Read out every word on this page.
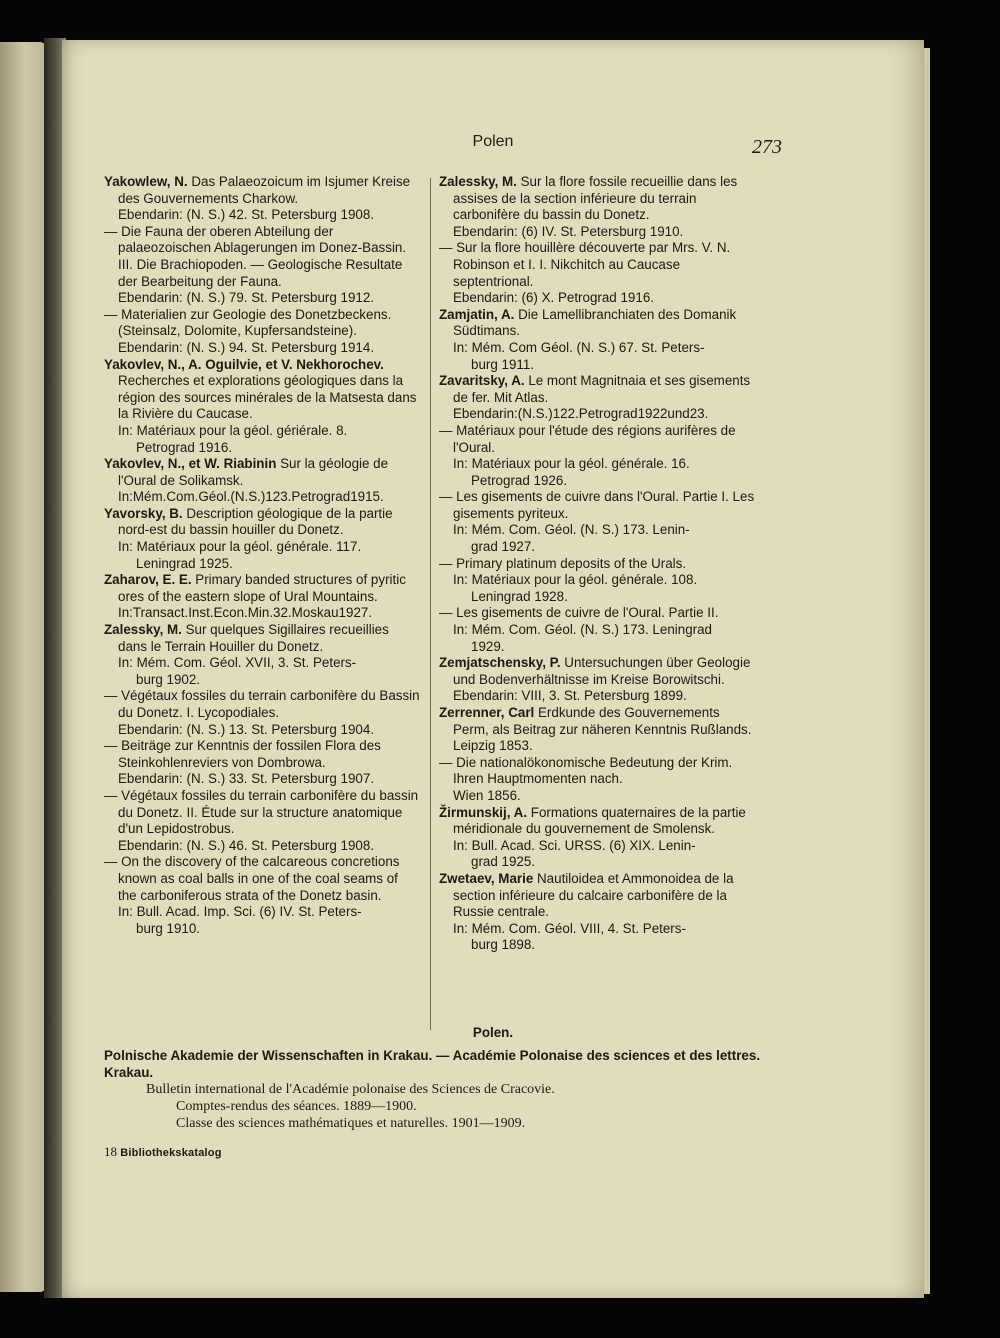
Polen	273
Yakowlew, N. Das Palaeozoicum im Isjumer Kreise des Gouvernements Charkow.
Ebendarin: (N. S.) 42. St. Petersburg 1908.
— Die Fauna der oberen Abteilung der palaeozoischen Ablagerungen im Donez-Bassin. III. Die Brachiopoden. — Geologische Resultate der Bearbeitung der Fauna.
Ebendarin: (N. S.) 79. St. Petersburg 1912.
— Materialien zur Geologie des Donetzbeckens. (Steinsalz, Dolomite, Kupfersandsteine).
Ebendarin: (N. S.) 94. St. Petersburg 1914.
Yakovlev, N., A. Oguilvie, et V. Nekhorochev. Recherches et explorations géologiques dans la région des sources minérales de la Matsesta dans la Rivière du Caucase.
In: Matériaux pour la géol. gériérale. 8.
Petrograd 1916.
Yakovlev, N., et W. Riabinin Sur la géologie de l'Oural de Solikamsk.
In:Mém.Com.Géol.(N.S.)123.Petrograd1915.
Yavorsky, B. Description géologique de la partie nord-est du bassin houiller du Donetz.
In: Matériaux pour la géol. générale. 117.
Leningrad 1925.
Zaharov, E. E. Primary banded structures of pyritic ores of the eastern slope of Ural Mountains.
In:Transact.Inst.Econ.Min.32.Moskau1927.
Zalessky, M. Sur quelques Sigillaires recueillies dans le Terrain Houiller du Donetz.
In: Mém. Com. Géol. XVII, 3. St. Peters-
burg 1902.
— Végétaux fossiles du terrain carbonifère du Bassin du Donetz. I. Lycopodiales.
Ebendarin: (N. S.) 13. St. Petersburg 1904.
— Beiträge zur Kenntnis der fossilen Flora des Steinkohlenreviers von Dombrowa.
Ebendarin: (N. S.) 33. St. Petersburg 1907.
— Végétaux fossiles du terrain carbonifère du bassin du Donetz. II. Étude sur la structure anatomique d'un Lepidostrobus.
Ebendarin: (N. S.) 46. St. Petersburg 1908.
— On the discovery of the calcareous concretions known as coal balls in one of the coal seams of the carboniferous strata of the Donetz basin.
In: Bull. Acad. Imp. Sci. (6) IV. St. Peters-
burg 1910.
Zalessky, M. Sur la flore fossile recueillie dans les assises de la section inférieure du terrain carbonifère du bassin du Donetz.
Ebendarin: (6) IV. St. Petersburg 1910.
— Sur la flore houillère découverte par Mrs. V. N. Robinson et I. I. Nikchitch au Caucase septentrional.
Ebendarin: (6) X. Petrograd 1916.
Zamjatin, A. Die Lamellibranchiaten des Domanik Südtimans.
In: Mém. Com Géol. (N. S.) 67. St. Peters-
burg 1911.
Zavaritsky, A. Le mont Magnitnaia et ses gisements de fer. Mit Atlas.
Ebendarin:(N.S.)122.Petrograd1922und23.
— Matériaux pour l'étude des régions aurifères de l'Oural.
In: Matériaux pour la géol. générale. 16.
Petrograd 1926.
— Les gisements de cuivre dans l'Oural. Partie I. Les gisements pyriteux.
In: Mém. Com. Géol. (N. S.) 173. Lenin-
grad 1927.
— Primary platinum deposits of the Urals.
In: Matériaux pour la géol. générale. 108.
Leningrad 1928.
— Les gisements de cuivre de l'Oural. Partie II.
In: Mém. Com. Géol. (N. S.) 173. Leningrad
1929.
Zemjatschensky, P. Untersuchungen über Geologie und Bodenverhältnisse im Kreise Borowitschi.
Ebendarin: VIII, 3. St. Petersburg 1899.
Zerrenner, Carl Erdkunde des Gouvernements Perm, als Beitrag zur näheren Kenntnis Rußlands. Leipzig 1853.
— Die nationalökonomische Bedeutung der Krim. Ihren Hauptmomenten nach.
Wien 1856.
Žirmunskij, A. Formations quaternaires de la partie méridionale du gouvernement de Smolensk.
In: Bull. Acad. Sci. URSS. (6) XIX. Lenin-
grad 1925.
Zwetaev, Marie Nautiloidea et Ammonoidea de la section inférieure du calcaire carbonifère de la Russie centrale.
In: Mém. Com. Géol. VIII, 4. St. Peters-
burg 1898.
Polen.
Polnische Akademie der Wissenschaften in Krakau. — Académie Polonaise des sciences et des lettres. Krakau.
Bulletin international de l'Académie polonaise des Sciences de Cracovie.
Comptes-rendus des séances. 1889—1900.
Classe des sciences mathématiques et naturelles. 1901—1909.
18 Bibliothekskatalog
